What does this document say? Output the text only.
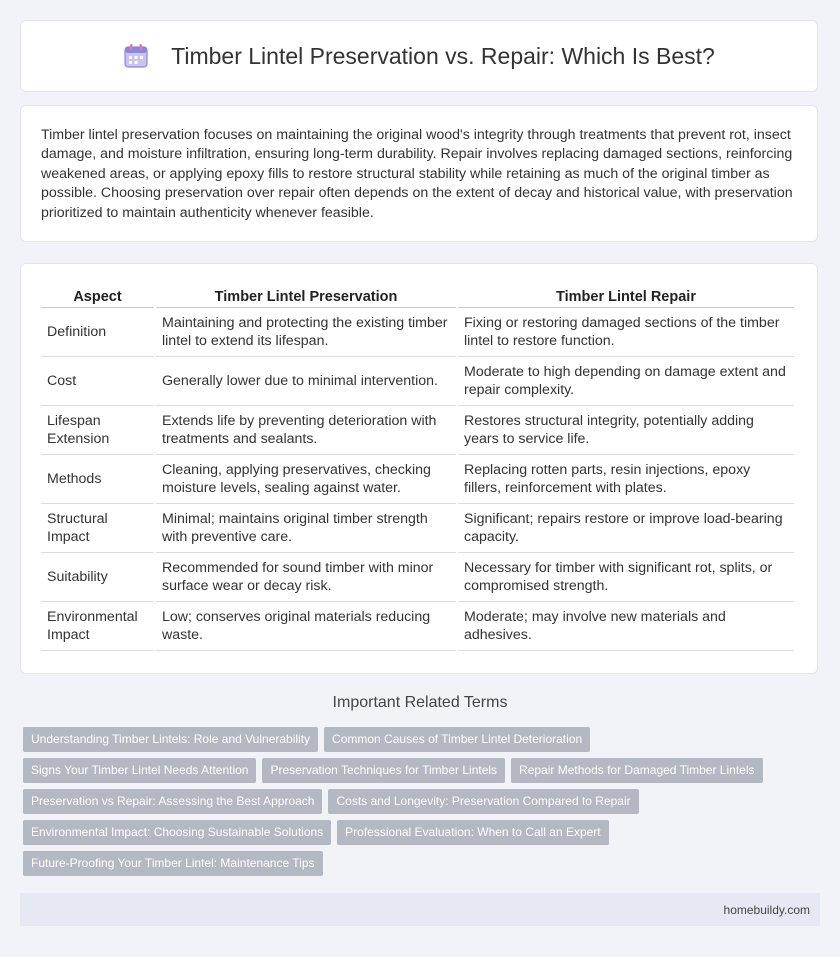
Timber Lintel Preservation vs. Repair: Which Is Best?

Timber lintel preservation focuses on maintaining the original wood's integrity through treatments that prevent rot, insect damage, and moisture infiltration, ensuring long-term durability. Repair involves replacing damaged sections, reinforcing weakened areas, or applying epoxy fills to restore structural stability while retaining as much of the original timber as possible. Choosing preservation over repair often depends on the extent of decay and historical value, with preservation prioritized to maintain authenticity whenever feasible.

Aspect	Timber Lintel Preservation	Timber Lintel Repair
Definition	Maintaining and protecting the existing timber lintel to extend its lifespan.	Fixing or restoring damaged sections of the timber lintel to restore function.
Cost	Generally lower due to minimal intervention.	Moderate to high depending on damage extent and repair complexity.
Lifespan Extension	Extends life by preventing deterioration with treatments and sealants.	Restores structural integrity, potentially adding years to service life.
Methods	Cleaning, applying preservatives, checking moisture levels, sealing against water.	Replacing rotten parts, resin injections, epoxy fillers, reinforcement with plates.
Structural Impact	Minimal; maintains original timber strength with preventive care.	Significant; repairs restore or improve load-bearing capacity.
Suitability	Recommended for sound timber with minor surface wear or decay risk.	Necessary for timber with significant rot, splits, or compromised strength.
Environmental Impact	Low; conserves original materials reducing waste.	Moderate; may involve new materials and adhesives.
Important Related Terms
Understanding Timber Lintels: Role and Vulnerability	Common Causes of Timber Lintel Deterioration
Signs Your Timber Lintel Needs Attention	Preservation Techniques for Timber Lintels	Repair Methods for Damaged Timber Lintels
Preservation vs Repair: Assessing the Best Approach	Costs and Longevity: Preservation Compared to Repair
Environmental Impact: Choosing Sustainable Solutions	Professional Evaluation: When to Call an Expert
Future-Proofing Your Timber Lintel: Maintenance Tips
homebuildy.com
